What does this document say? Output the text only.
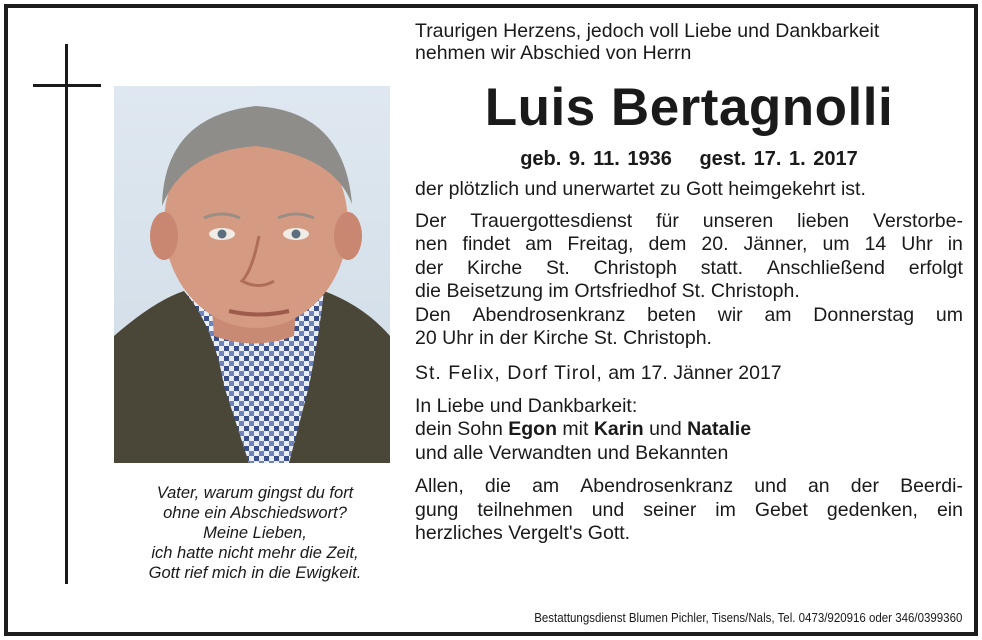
Vater, warum gingst du fort
ohne ein Abschiedswort?
Meine Lieben,
ich hatte nicht mehr die Zeit,
Gott rief mich in die Ewigkeit.
Traurigen Herzens, jedoch voll Liebe und Dankbarkeit
nehmen wir Abschied von Herrn
Luis Bertagnolli
geb. 9. 11. 1936 gest. 17. 1. 2017
der plötzlich und unerwartet zu Gott heimgekehrt ist.
Der Trauergottesdienst für unseren lieben Verstorbe-
nen findet am Freitag, dem 20. Jänner, um 14 Uhr in
der Kirche St. Christoph statt. Anschließend erfolgt
die Beisetzung im Ortsfriedhof St. Christoph.
Den Abendrosenkranz beten wir am Donnerstag um
20 Uhr in der Kirche St. Christoph.
St. Felix, Dorf Tirol, am 17. Jänner 2017
In Liebe und Dankbarkeit:
dein Sohn Egon mit Karin und Natalie
und alle Verwandten und Bekannten
Allen, die am Abendrosenkranz und an der Beerdi-
gung teilnehmen und seiner im Gebet gedenken, ein
herzliches Vergelt's Gott.
Bestattungsdienst Blumen Pichler, Tisens/Nals, Tel. 0473/920916 oder 346/0399360
